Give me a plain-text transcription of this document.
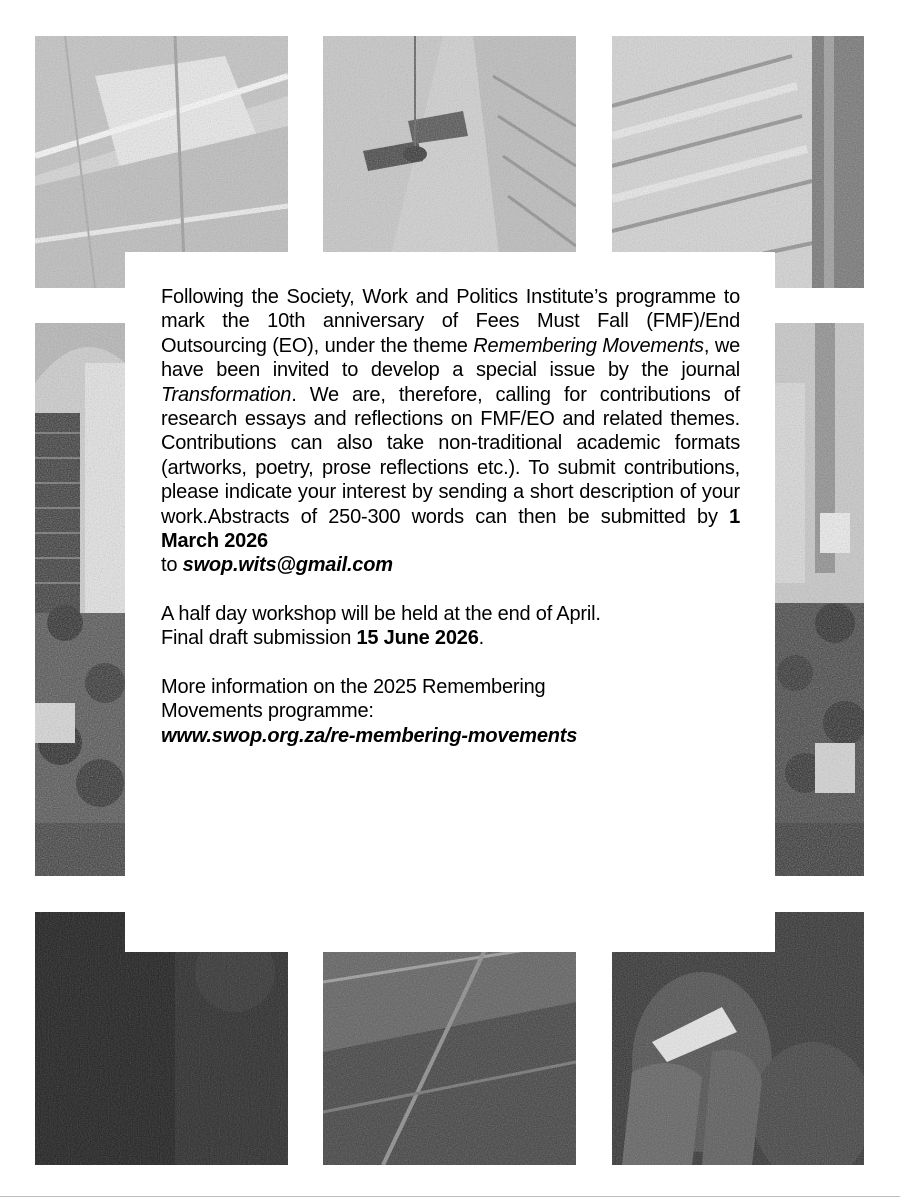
Following the Society, Work and Politics Institute’s programme to mark the 10th anniversary of Fees Must Fall (FMF)/End Outsourcing (EO), under the theme Remembering Movements, we have been invited to develop a special issue by the journal Transformation. We are, therefore, calling for contributions of research essays and reflections on FMF/EO and related themes. Contributions can also take non-traditional academic formats (artworks, poetry, prose reflections etc.). To submit contributions, please indicate your interest by sending a short description of your work.Abstracts of 250-300 words can then be submitted by 1 March 2026
to swop.wits@gmail.com

A half day workshop will be held at the end of April.
Final draft submission 15 June 2026.

More information on the 2025 Remembering
Movements programme:
www.swop.org.za/re-membering-movements
